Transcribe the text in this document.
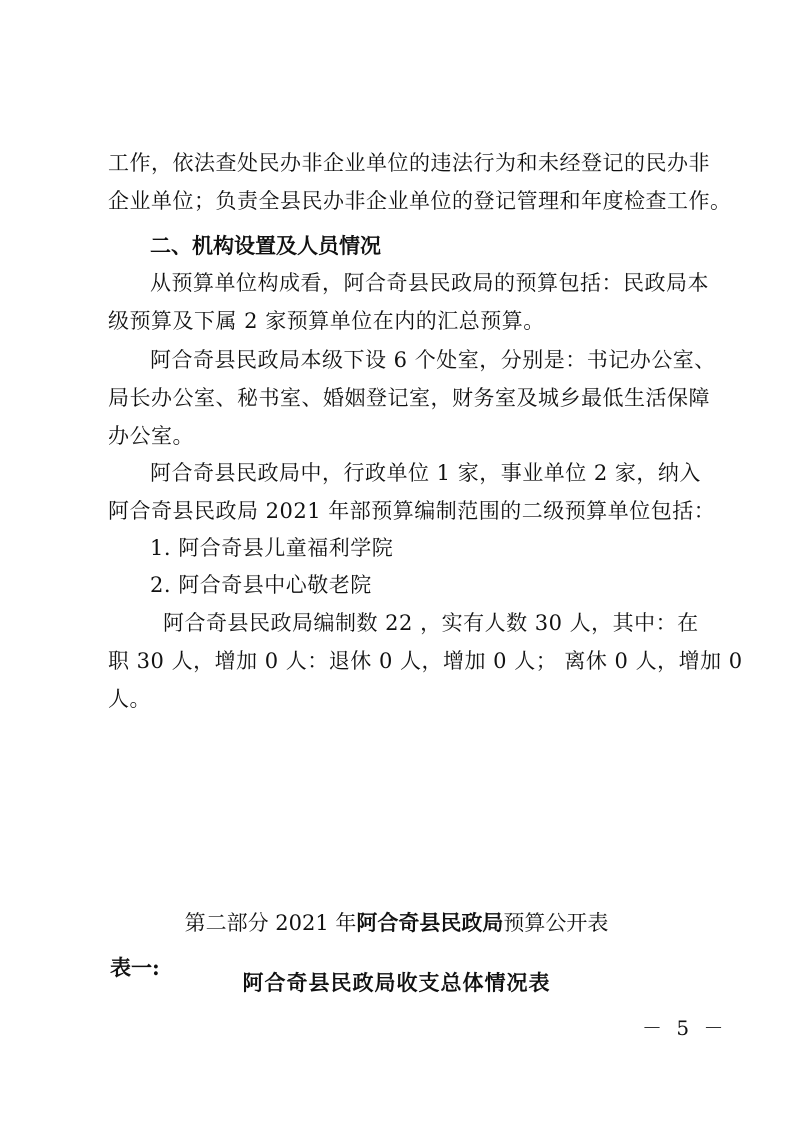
工作，依法查处民办非企业单位的违法行为和未经登记的民办非
企业单位；负责全县民办非企业单位的登记管理和年度检查工作。
二、机构设置及人员情况
从预算单位构成看，阿合奇县民政局的预算包括：民政局本
级预算及下属 2 家预算单位在内的汇总预算。
阿合奇县民政局本级下设 6 个处室，分别是：书记办公室、
局长办公室、秘书室、婚姻登记室，财务室及城乡最低生活保障
办公室。
阿合奇县民政局中，行政单位 1 家，事业单位 2 家，纳入
阿合奇县民政局 2021 年部预算编制范围的二级预算单位包括：
1. 阿合奇县儿童福利学院
2. 阿合奇县中心敬老院
阿合奇县民政局编制数 22 ，实有人数 30 人，其中：在
职 30 人，增加 0 人：退休 0 人，增加 0 人； 离休 0 人，增加 0
人。
第二部分 2021 年阿合奇县民政局预算公开表
表一:
阿合奇县民政局收支总体情况表
－ 5 －
